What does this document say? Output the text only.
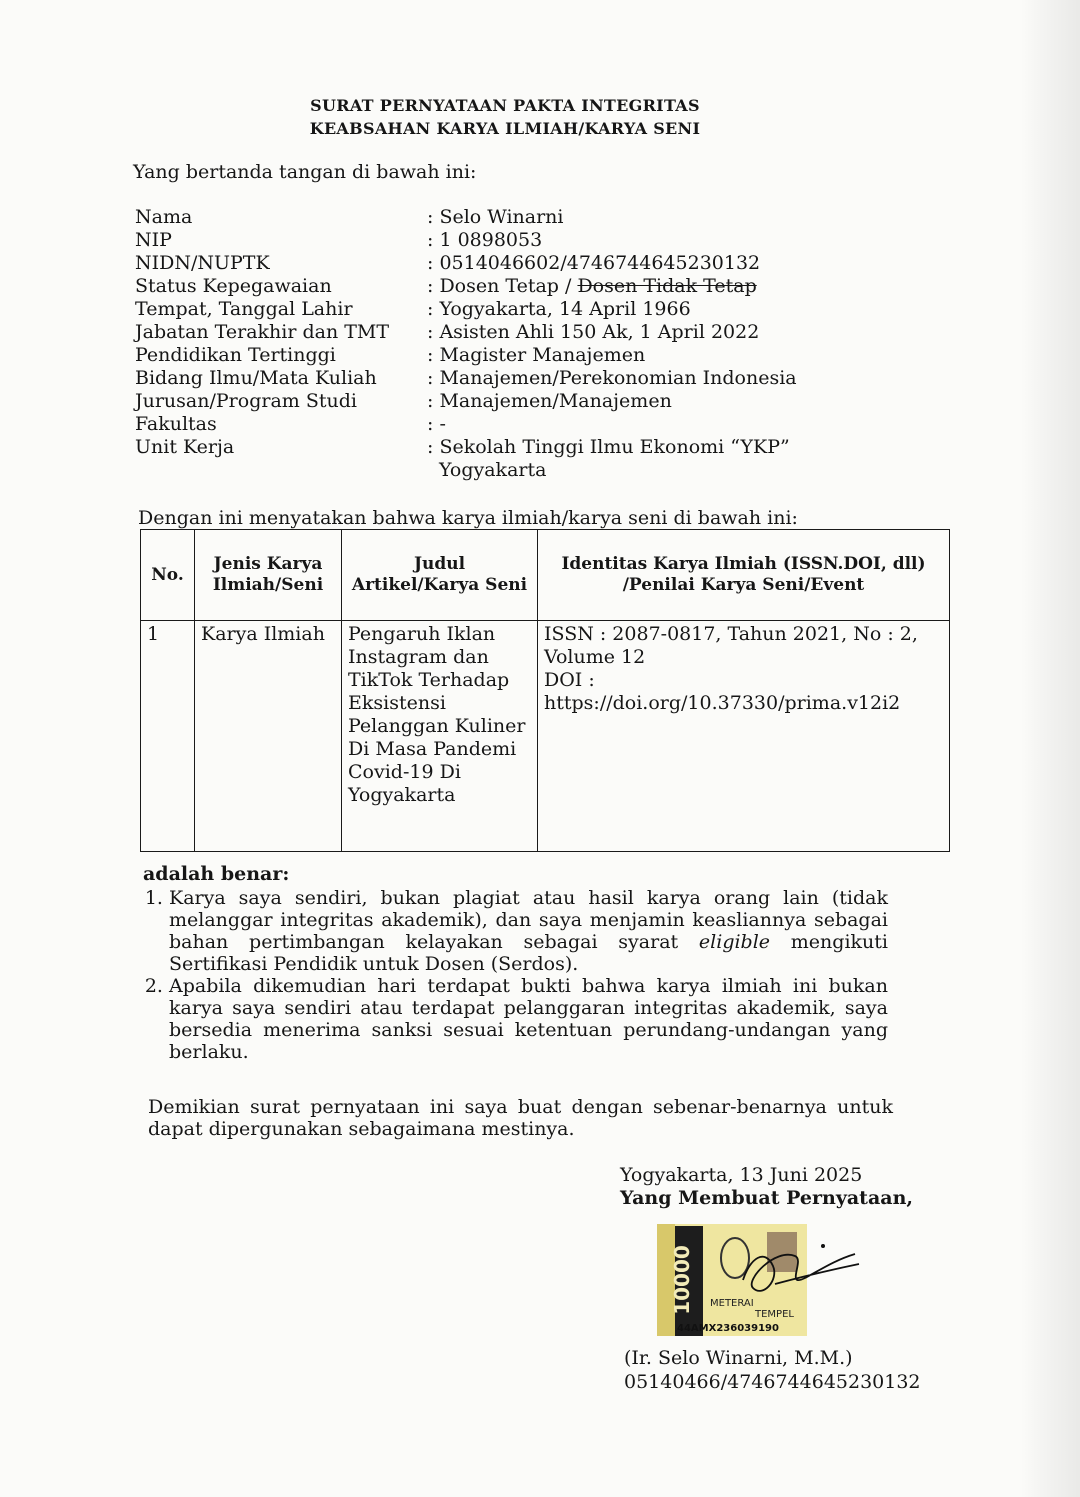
SURAT PERNYATAAN PAKTA INTEGRITAS
KEABSAHAN KARYA ILMIAH/KARYA SENI
Yang bertanda tangan di bawah ini:
Nama	: Selo Winarni
NIP	: 1 0898053
NIDN/NUPTK	: 0514046602/4746744645230132
Status Kepegawaian	: Dosen Tetap / Dosen Tidak Tetap
Tempat, Tanggal Lahir	: Yogyakarta, 14 April 1966
Jabatan Terakhir dan TMT	: Asisten Ahli 150 Ak, 1 April 2022
Pendidikan Tertinggi	: Magister Manajemen
Bidang Ilmu/Mata Kuliah	: Manajemen/Perekonomian Indonesia
Jurusan/Program Studi	: Manajemen/Manajemen
Fakultas	: -
Unit Kerja	: Sekolah Tinggi Ilmu Ekonomi “YKP”
Yogyakarta
Dengan ini menyatakan bahwa karya ilmiah/karya seni di bawah ini:
No.	Jenis Karya Ilmiah/Seni	Judul Artikel/Karya Seni	Identitas Karya Ilmiah (ISSN.DOI, dll) /Penilai Karya Seni/Event
1	Karya Ilmiah	Pengaruh Iklan Instagram dan TikTok Terhadap Eksistensi Pelanggan Kuliner Di Masa Pandemi Covid-19 Di Yogyakarta	ISSN : 2087-0817, Tahun 2021, No : 2, Volume 12
DOI :
https://doi.org/10.37330/prima.v12i2
adalah benar:
1. Karya saya sendiri, bukan plagiat atau hasil karya orang lain (tidak melanggar integritas akademik), dan saya menjamin keasliannya sebagai bahan pertimbangan kelayakan sebagai syarat eligible mengikuti Sertifikasi Pendidik untuk Dosen (Serdos).
2. Apabila dikemudian hari terdapat bukti bahwa karya ilmiah ini bukan karya saya sendiri atau terdapat pelanggaran integritas akademik, saya bersedia menerima sanksi sesuai ketentuan perundang-undangan yang berlaku.
Demikian surat pernyataan ini saya buat dengan sebenar-benarnya untuk dapat dipergunakan sebagaimana mestinya.
Yogyakarta, 13 Juni 2025
Yang Membuat Pernyataan,
10000 METERAI
TEMPEL
44AMX236039190
(Ir. Selo Winarni, M.M.)
05140466/4746744645230132
